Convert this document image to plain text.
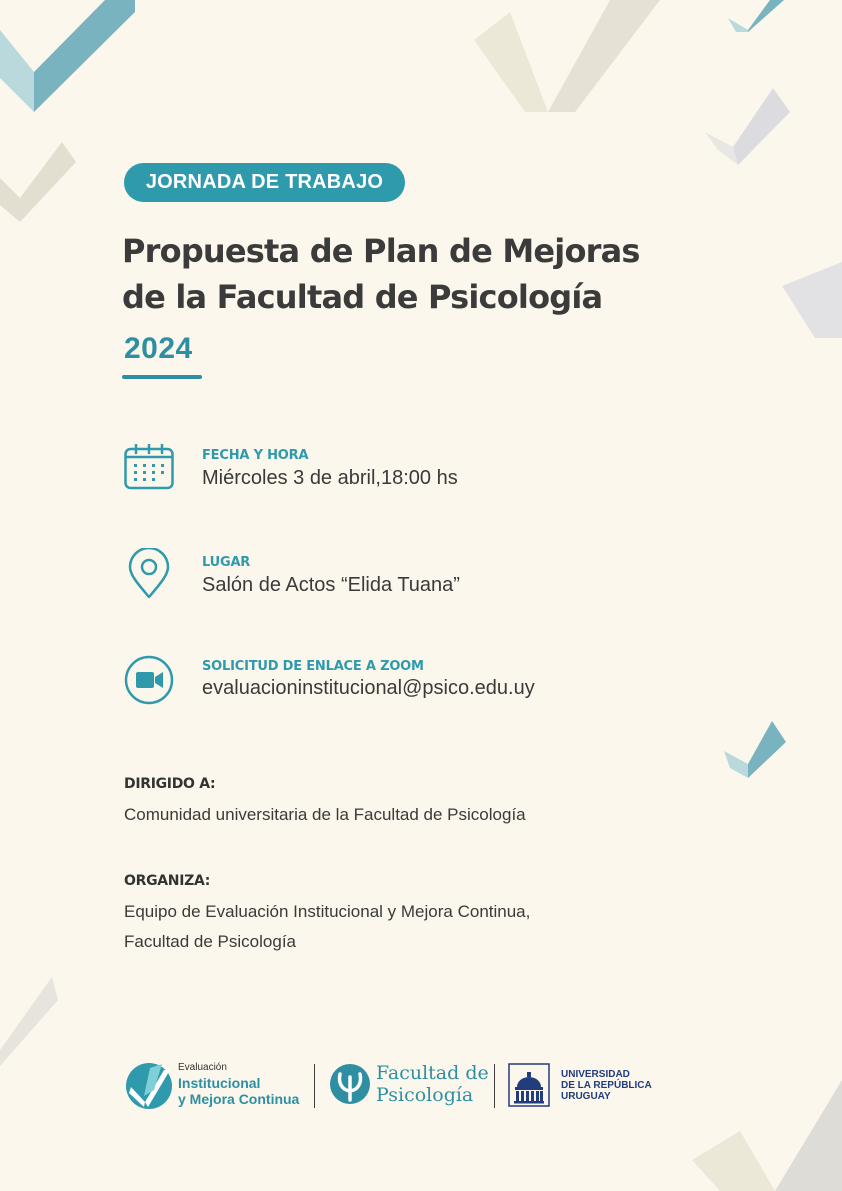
JORNADA DE TRABAJO
Propuesta de Plan de Mejoras
de la Facultad de Psicología
2024
FECHA Y HORA
Miércoles 3 de abril,18:00 hs
LUGAR
Salón de Actos “Elida Tuana”
SOLICITUD DE ENLACE A ZOOM
evaluacioninstitucional@psico.edu.uy
DIRIGIDO A:
Comunidad universitaria de la Facultad de Psicología
ORGANIZA:
Equipo de Evaluación Institucional y Mejora Continua,
Facultad de Psicología
Evaluación
Institucional
y Mejora Continua
Facultad de
Psicología
UNIVERSIDAD
DE LA REPÚBLICA
URUGUAY
